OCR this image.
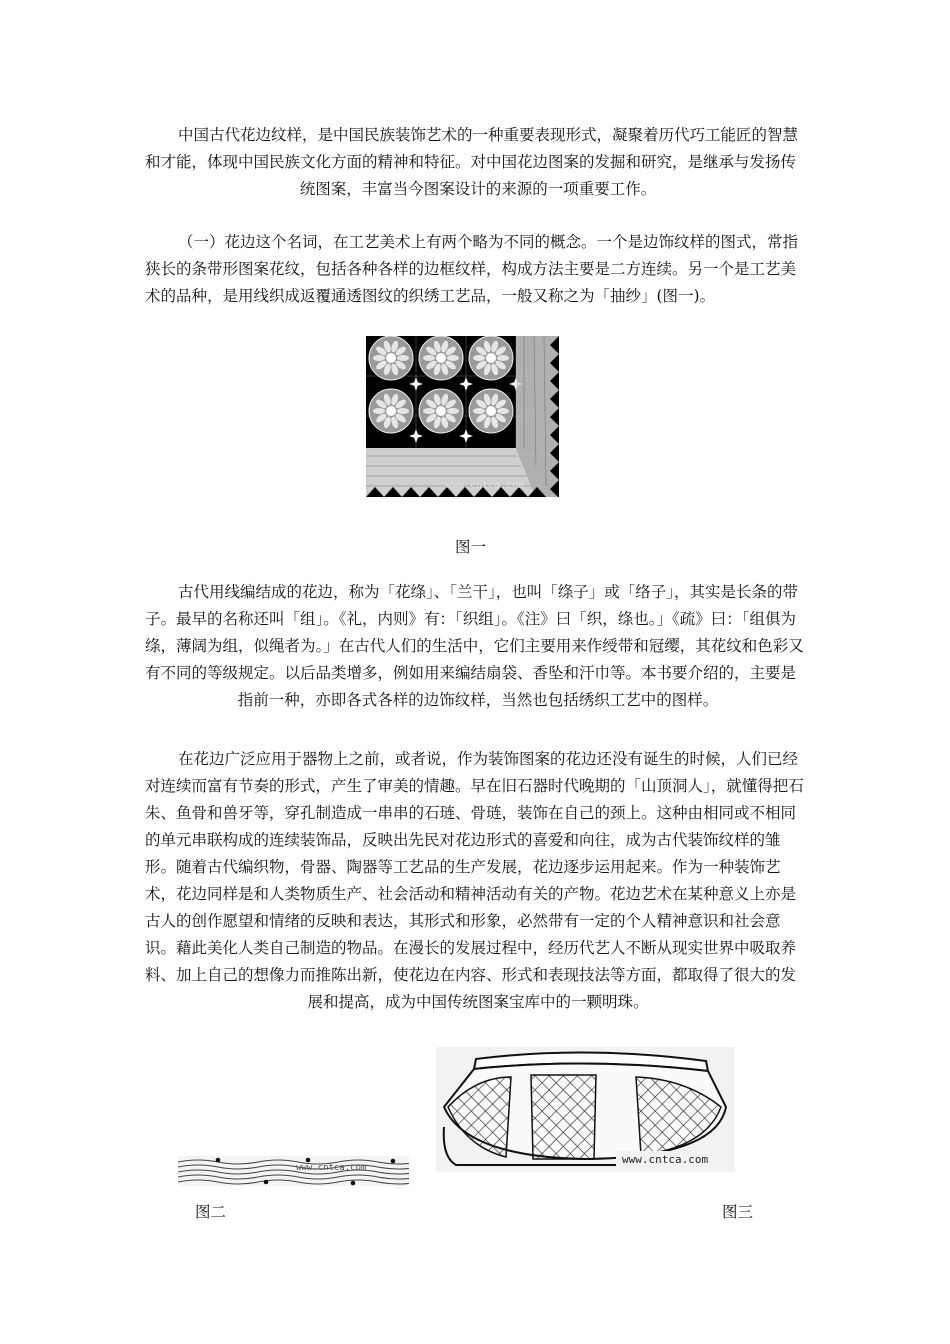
中国古代花边纹样，是中国民族装饰艺术的一种重要表现形式，凝聚着历代巧工能匠的智慧和才能，体现中国民族文化方面的精神和特征。对中国花边图案的发掘和研究，是继承与发扬传统图案，丰富当今图案设计的来源的一项重要工作。

（一）花边这个名词，在工艺美术上有两个略为不同的概念。一个是边饰纹样的图式，常指狭长的条带形图案花纹，包括各种各样的边框纹样，构成方法主要是二方连续。另一个是工艺美术的品种，是用线织成返覆通透图纹的织绣工艺品，一般又称之为「抽纱」(图一)。

www.cntca.com
图一

古代用线编结成的花边，称为「花绦」、「兰干」，也叫「绦子」或「络子」，其实是长条的带子。最早的名称还叫「组」。《礼，内则》有：「织组」。《注》曰「织，绦也。」《疏》曰：「组俱为绦，薄阔为组，似绳者为。」在古代人们的生活中，它们主要用来作绶带和冠缨，其花纹和色彩又有不同的等级规定。以后品类增多，例如用来编结扇袋、香坠和汗巾等。本书要介绍的，主要是指前一种，亦即各式各样的边饰纹样，当然也包括绣织工艺中的图样。

在花边广泛应用于器物上之前，或者说，作为装饰图案的花边还没有诞生的时候，人们已经对连续而富有节奏的形式，产生了审美的情趣。早在旧石器时代晚期的「山顶洞人」，就懂得把石朱、鱼骨和兽牙等，穿孔制造成一串串的石琏、骨琏，装饰在自己的颈上。这种由相同或不相同的单元串联构成的连续装饰品，反映出先民对花边形式的喜爱和向往，成为古代装饰纹样的雏形。随着古代编织物，骨器、陶器等工艺品的生产发展，花边逐步运用起来。作为一种装饰艺术，花边同样是和人类物质生产、社会活动和精神活动有关的产物。花边艺术在某种意义上亦是古人的创作愿望和情绪的反映和表达，其形式和形象，必然带有一定的个人精神意识和社会意识。藉此美化人类自己制造的物品。在漫长的发展过程中，经历代艺人不断从现实世界中吸取养料、加上自己的想像力而推陈出新，使花边在内容、形式和表现技法等方面，都取得了很大的发展和提高，成为中国传统图案宝库中的一颗明珠。

www.cntca.com
www.cntca.com
图二	图三
